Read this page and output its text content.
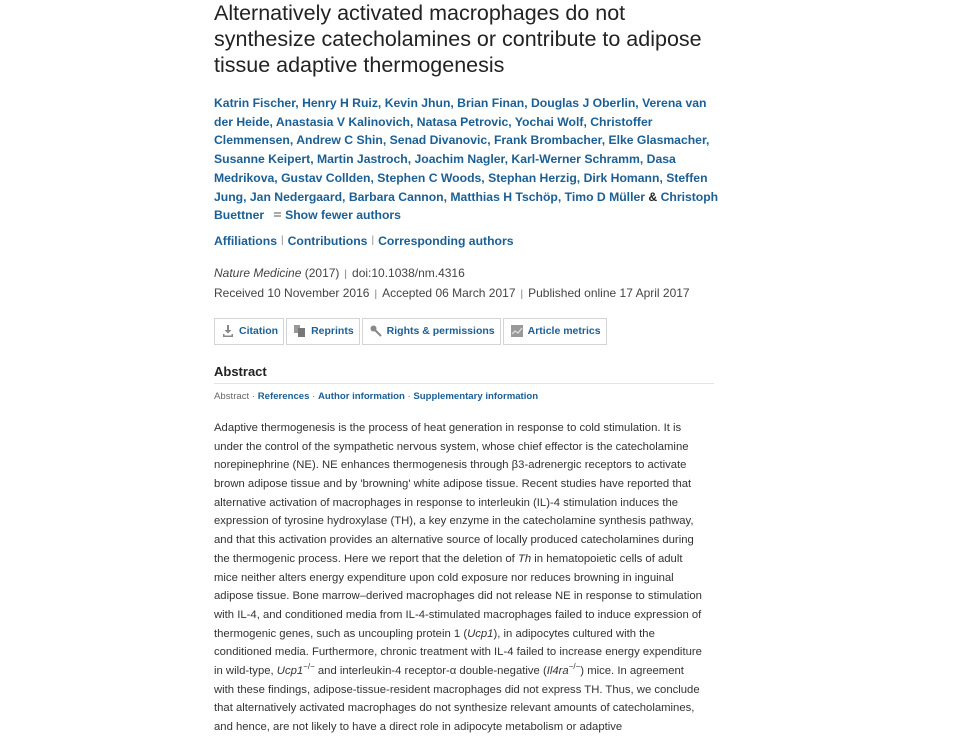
Alternatively activated macrophages do not
synthesize catecholamines or contribute to adipose
tissue adaptive thermogenesis
Katrin Fischer, Henry H Ruiz, Kevin Jhun, Brian Finan, Douglas J Oberlin, Verena van der Heide, Anastasia V Kalinovich, Natasa Petrovic, Yochai Wolf, Christoffer Clemmensen, Andrew C Shin, Senad Divanovic, Frank Brombacher, Elke Glasmacher, Susanne Keipert, Martin Jastroch, Joachim Nagler, Karl-Werner Schramm, Dasa Medrikova, Gustav Collden, Stephen C Woods, Stephan Herzig, Dirk Homann, Steffen Jung, Jan Nedergaard, Barbara Cannon, Matthias H Tschöp, Timo D Müller & Christoph Buettner Show fewer authors
Affiliations | Contributions | Corresponding authors
Nature Medicine (2017) | doi:10.1038/nm.4316
Received 10 November 2016 | Accepted 06 March 2017 | Published online 17 April 2017
Citation	Reprints	Rights & permissions	Article metrics
Abstract
Abstract · References · Author information · Supplementary information
Adaptive thermogenesis is the process of heat generation in response to cold stimulation. It is
under the control of the sympathetic nervous system, whose chief effector is the catecholamine
norepinephrine (NE). NE enhances thermogenesis through β3-adrenergic receptors to activate
brown adipose tissue and by 'browning' white adipose tissue. Recent studies have reported that
alternative activation of macrophages in response to interleukin (IL)-4 stimulation induces the
expression of tyrosine hydroxylase (TH), a key enzyme in the catecholamine synthesis pathway,
and that this activation provides an alternative source of locally produced catecholamines during
the thermogenic process. Here we report that the deletion of Th in hematopoietic cells of adult
mice neither alters energy expenditure upon cold exposure nor reduces browning in inguinal
adipose tissue. Bone marrow–derived macrophages did not release NE in response to stimulation
with IL-4, and conditioned media from IL-4-stimulated macrophages failed to induce expression of
thermogenic genes, such as uncoupling protein 1 (Ucp1), in adipocytes cultured with the
conditioned media. Furthermore, chronic treatment with IL-4 failed to increase energy expenditure
in wild-type, Ucp1−/− and interleukin-4 receptor-α double-negative (Il4ra−/−) mice. In agreement
with these findings, adipose-tissue-resident macrophages did not express TH. Thus, we conclude
that alternatively activated macrophages do not synthesize relevant amounts of catecholamines,
and hence, are not likely to have a direct role in adipocyte metabolism or adaptive
